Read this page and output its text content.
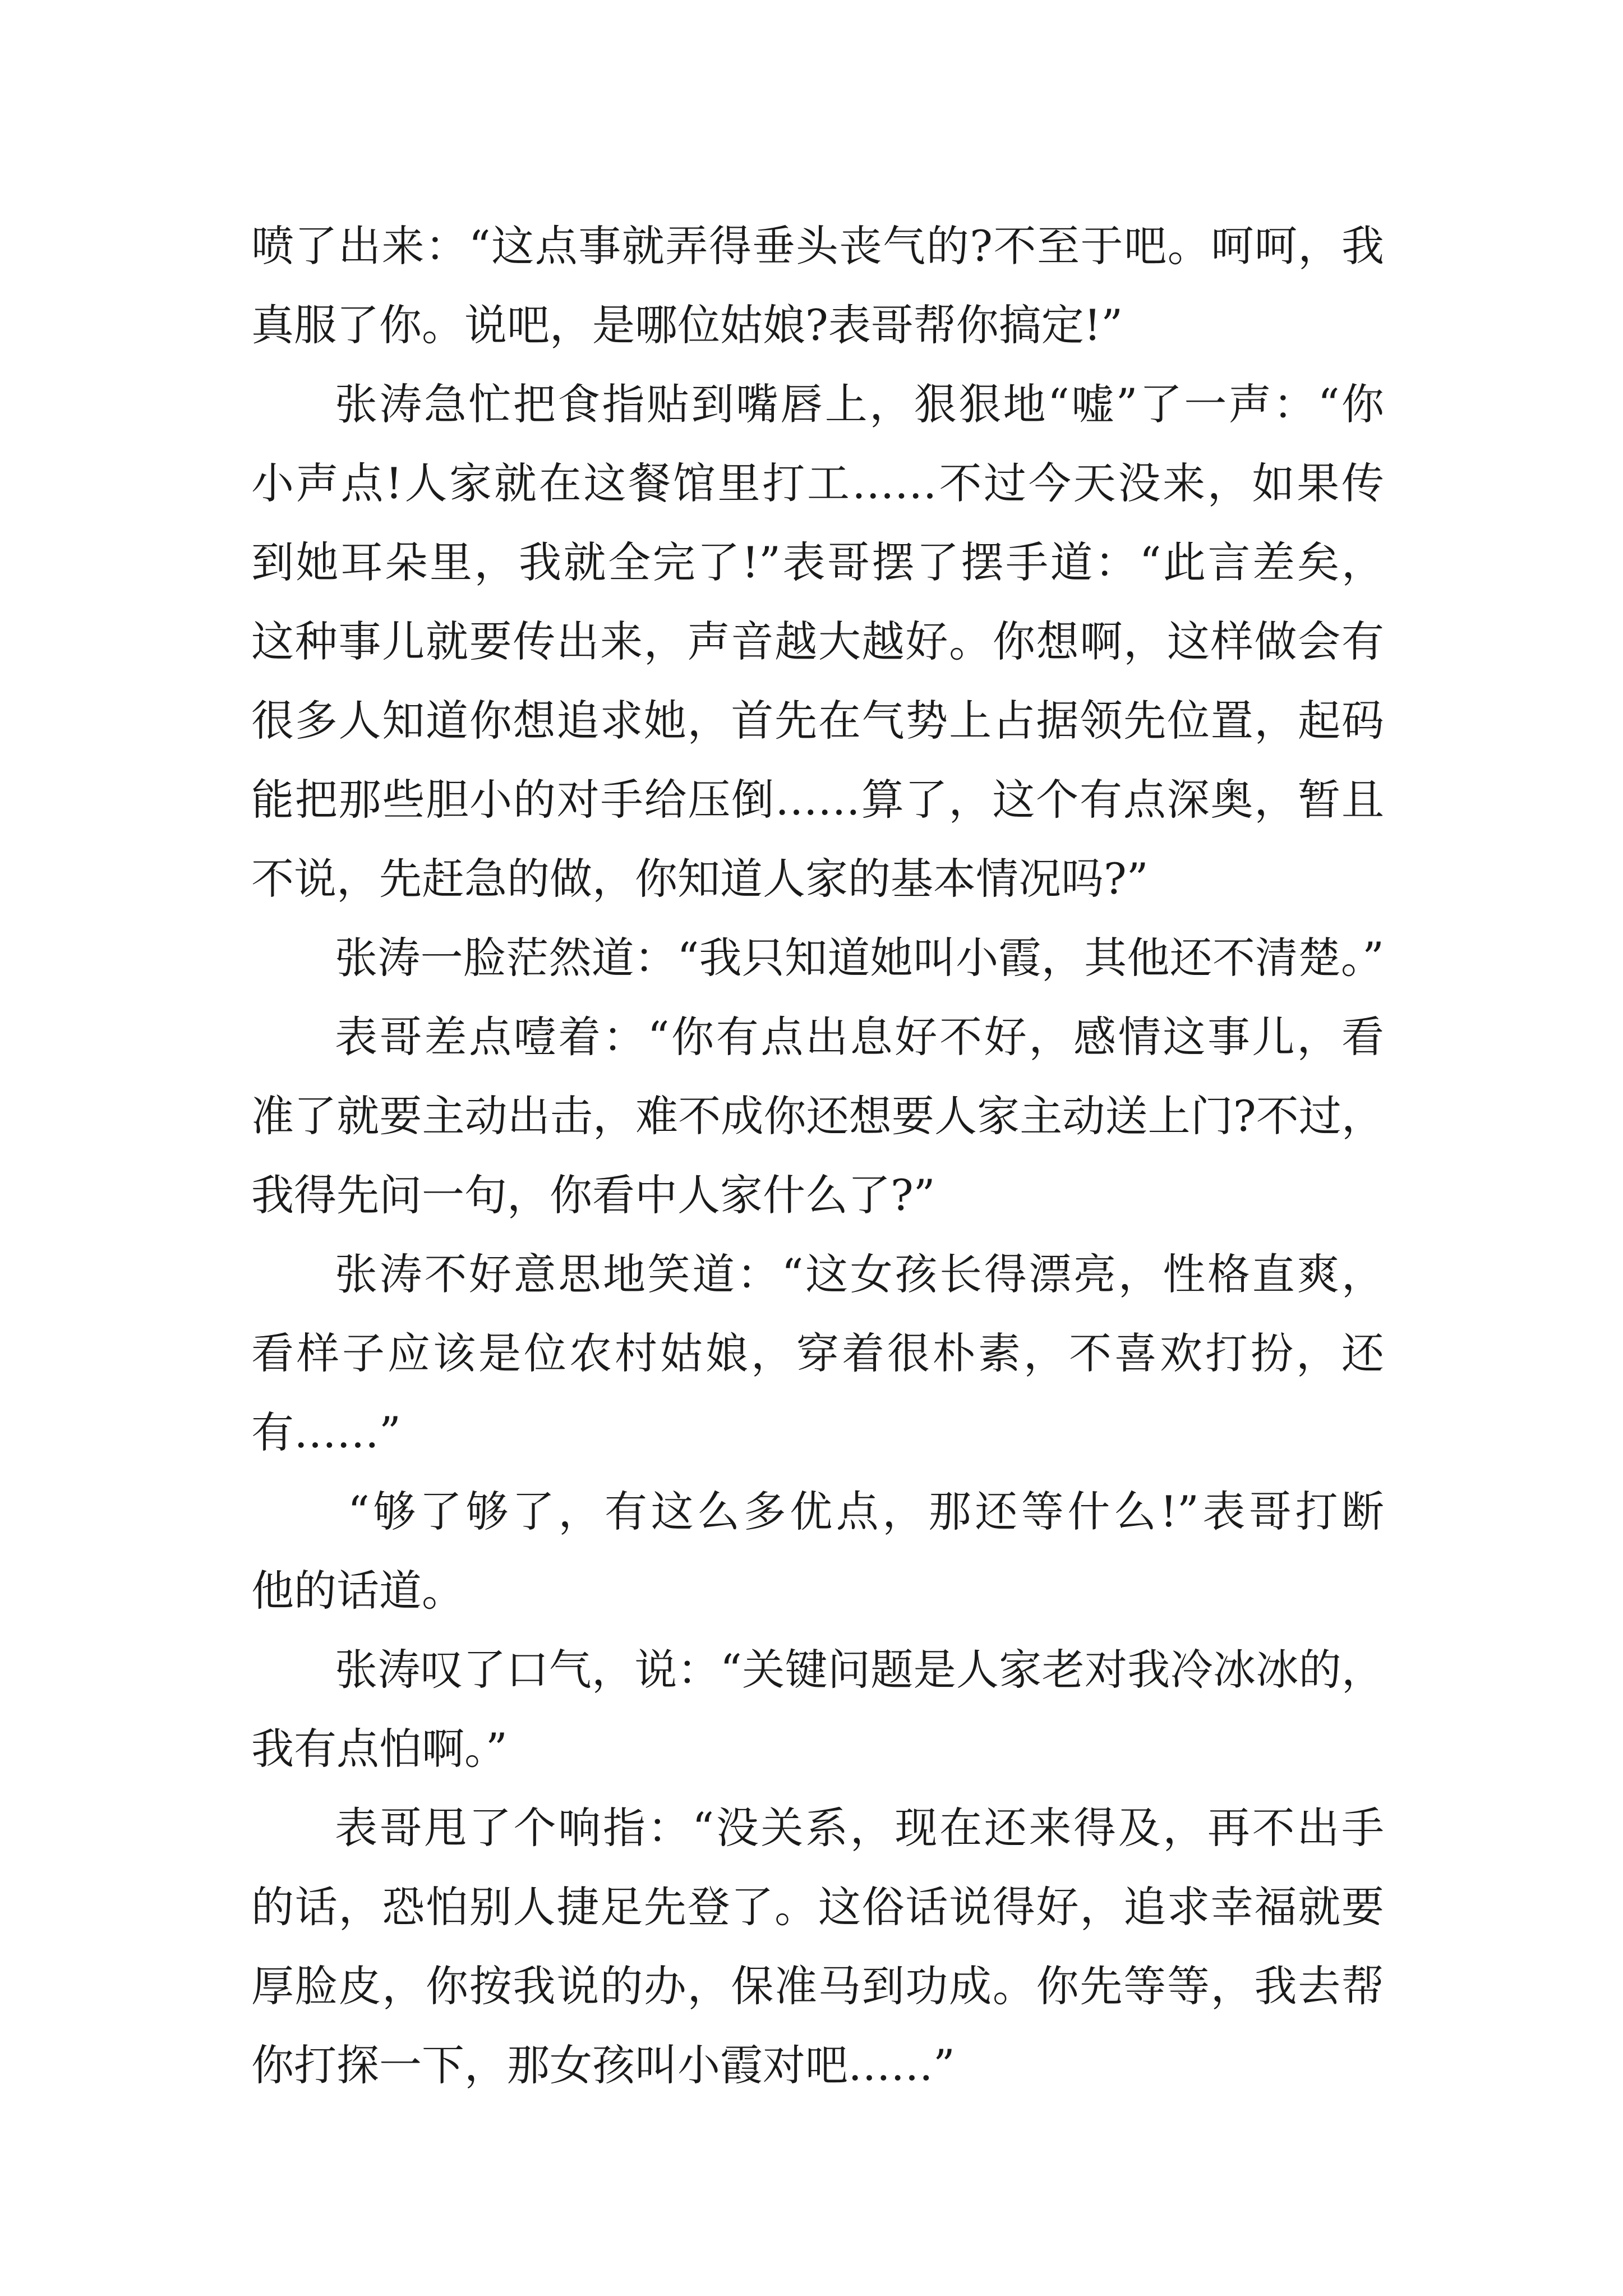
喷了出来：“这点事就弄得垂头丧气的?不至于吧。呵呵，我
真服了你。说吧，是哪位姑娘?表哥帮你搞定!”
张涛急忙把食指贴到嘴唇上，狠狠地“嘘”了一声：“你
小声点!人家就在这餐馆里打工……不过今天没来，如果传
到她耳朵里，我就全完了!”表哥摆了摆手道：“此言差矣，
这种事儿就要传出来，声音越大越好。你想啊，这样做会有
很多人知道你想追求她，首先在气势上占据领先位置，起码
能把那些胆小的对手给压倒……算了，这个有点深奥，暂且
不说，先赶急的做，你知道人家的基本情况吗?”
张涛一脸茫然道：“我只知道她叫小霞，其他还不清楚。”
表哥差点噎着：“你有点出息好不好，感情这事儿，看
准了就要主动出击，难不成你还想要人家主动送上门?不过，
我得先问一句，你看中人家什么了?”
张涛不好意思地笑道：“这女孩长得漂亮，性格直爽，
看样子应该是位农村姑娘，穿着很朴素，不喜欢打扮，还
有……”
“够了够了，有这么多优点，那还等什么!”表哥打断
他的话道。
张涛叹了口气，说：“关键问题是人家老对我冷冰冰的，
我有点怕啊。”
表哥甩了个响指：“没关系，现在还来得及，再不出手
的话，恐怕别人捷足先登了。这俗话说得好，追求幸福就要
厚脸皮，你按我说的办，保准马到功成。你先等等，我去帮
你打探一下，那女孩叫小霞对吧……”
